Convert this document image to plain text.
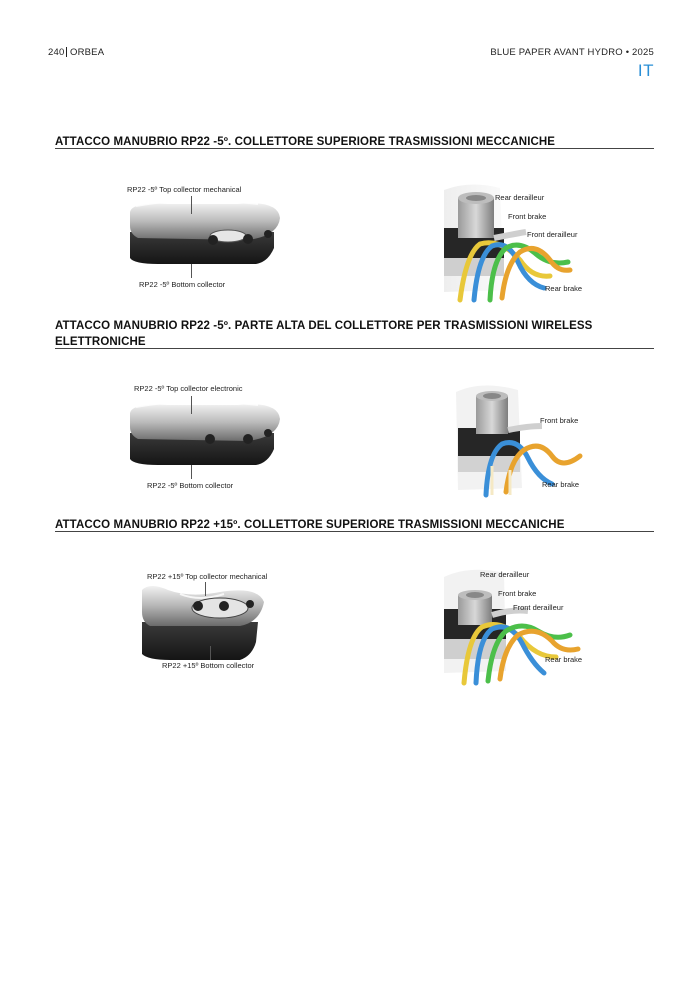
240 ORBEA	BLUE PAPER AVANT HYDRO • 2025
IT
ATTACCO MANUBRIO RP22 -5º. COLLETTORE SUPERIORE TRASMISSIONI MECCANICHE
RP22 -5º Top collector mechanical
RP22 -5º Bottom collector
Rear derailleur
Front brake
Front derailleur
Rear brake
ATTACCO MANUBRIO RP22 -5º. PARTE ALTA DEL COLLETTORE PER TRASMISSIONI WIRELESS
ELETTRONICHE
RP22 -5º Top collector electronic
RP22 -5º Bottom collector
Front brake
Rear brake
ATTACCO MANUBRIO RP22 +15º. COLLETTORE SUPERIORE TRASMISSIONI MECCANICHE
RP22 +15º Top collector mechanical
RP22 +15º Bottom collector
Rear derailleur
Front brake
Front derailleur
Rear brake
